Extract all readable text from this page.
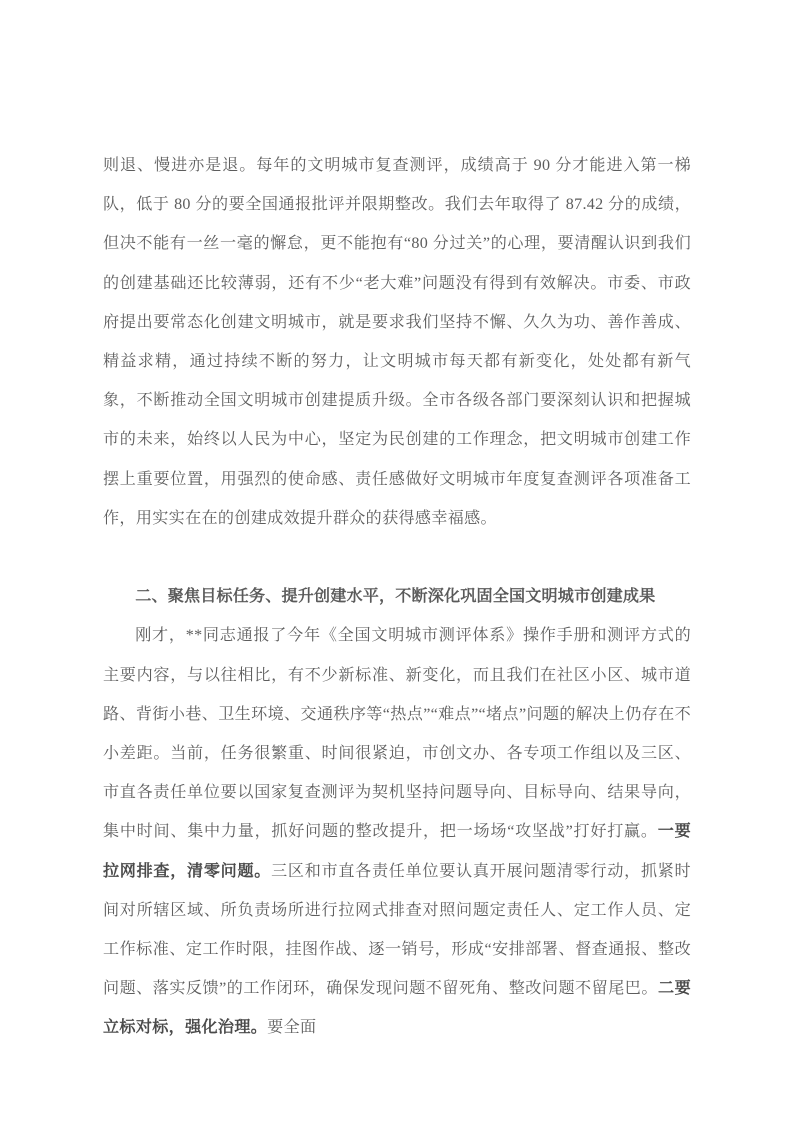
则退、慢进亦是退。每年的文明城市复查测评，成绩高于 90 分才能进入第一梯队，低于 80 分的要全国通报批评并限期整改。我们去年取得了 87.42 分的成绩，但决不能有一丝一毫的懈怠，更不能抱有“80 分过关”的心理，要清醒认识到我们的创建基础还比较薄弱，还有不少“老大难”问题没有得到有效解决。市委、市政府提出要常态化创建文明城市，就是要求我们坚持不懈、久久为功、善作善成、精益求精，通过持续不断的努力，让文明城市每天都有新变化，处处都有新气象，不断推动全国文明城市创建提质升级。全市各级各部门要深刻认识和把握城市的未来，始终以人民为中心，坚定为民创建的工作理念，把文明城市创建工作摆上重要位置，用强烈的使命感、责任感做好文明城市年度复查测评各项准备工作，用实实在在的创建成效提升群众的获得感幸福感。

二、聚焦目标任务、提升创建水平，不断深化巩固全国文明城市创建成果

刚才，**同志通报了今年《全国文明城市测评体系》操作手册和测评方式的主要内容，与以往相比，有不少新标准、新变化，而且我们在社区小区、城市道路、背街小巷、卫生环境、交通秩序等“热点”“难点”“堵点”问题的解决上仍存在不小差距。当前，任务很繁重、时间很紧迫，市创文办、各专项工作组以及三区、市直各责任单位要以国家复查测评为契机坚持问题导向、目标导向、结果导向，集中时间、集中力量，抓好问题的整改提升，把一场场“攻坚战”打好打赢。一要拉网排查，清零问题。三区和市直各责任单位要认真开展问题清零行动，抓紧时间对所辖区域、所负责场所进行拉网式排查对照问题定责任人、定工作人员、定工作标准、定工作时限，挂图作战、逐一销号，形成“安排部署、督查通报、整改问题、落实反馈”的工作闭环，确保发现问题不留死角、整改问题不留尾巴。二要立标对标，强化治理。要全面
